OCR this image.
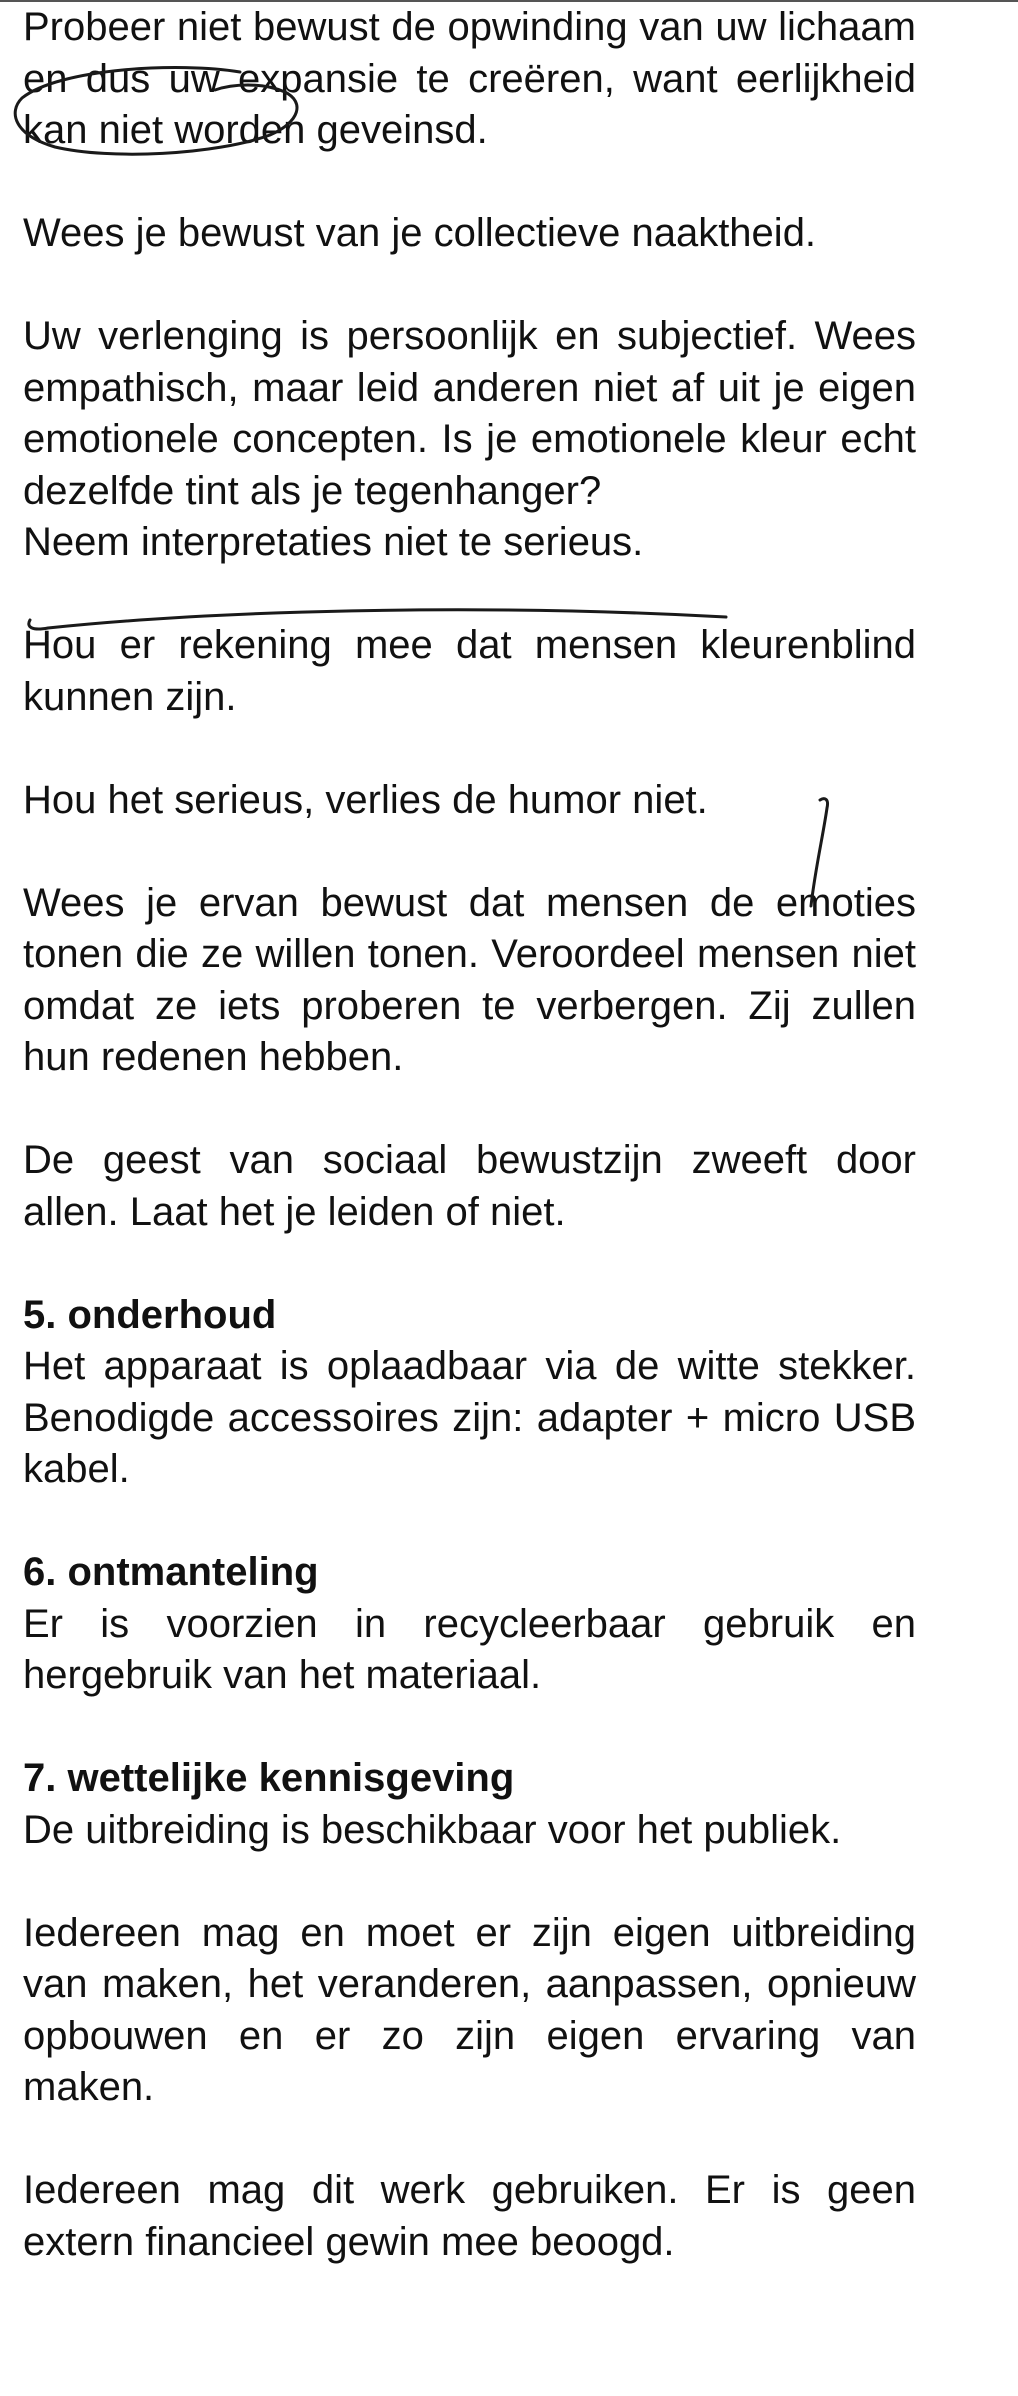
Probeer niet bewust de opwinding van uw lichaam en dus uw expansie te creëren, want eerlijkheid kan niet worden geveinsd.

Wees je bewust van je collectieve naaktheid.

Uw verlenging is persoonlijk en subjectief. Wees empathisch, maar leid anderen niet af uit je eigen emotionele concepten. Is je emotionele kleur echt dezelfde tint als je tegenhanger?

Neem interpretaties niet te serieus.

Hou er rekening mee dat mensen kleurenblind kunnen zijn.

Hou het serieus, verlies de humor niet.

Wees je ervan bewust dat mensen de emoties tonen die ze willen tonen. Veroordeel mensen niet omdat ze iets proberen te verbergen. Zij zullen hun redenen hebben.

De geest van sociaal bewustzijn zweeft door allen. Laat het je leiden of niet.

5. onderhoud

Het apparaat is oplaadbaar via de witte stekker. Benodigde accessoires zijn: adapter + micro USB kabel.

6. ontmanteling

Er is voorzien in recycleerbaar gebruik en hergebruik van het materiaal.

7. wettelijke kennisgeving

De uitbreiding is beschikbaar voor het publiek.

Iedereen mag en moet er zijn eigen uitbreiding van maken, het veranderen, aanpassen, opnieuw opbouwen en er zo zijn eigen ervaring van maken.

Iedereen mag dit werk gebruiken. Er is geen extern financieel gewin mee beoogd.
